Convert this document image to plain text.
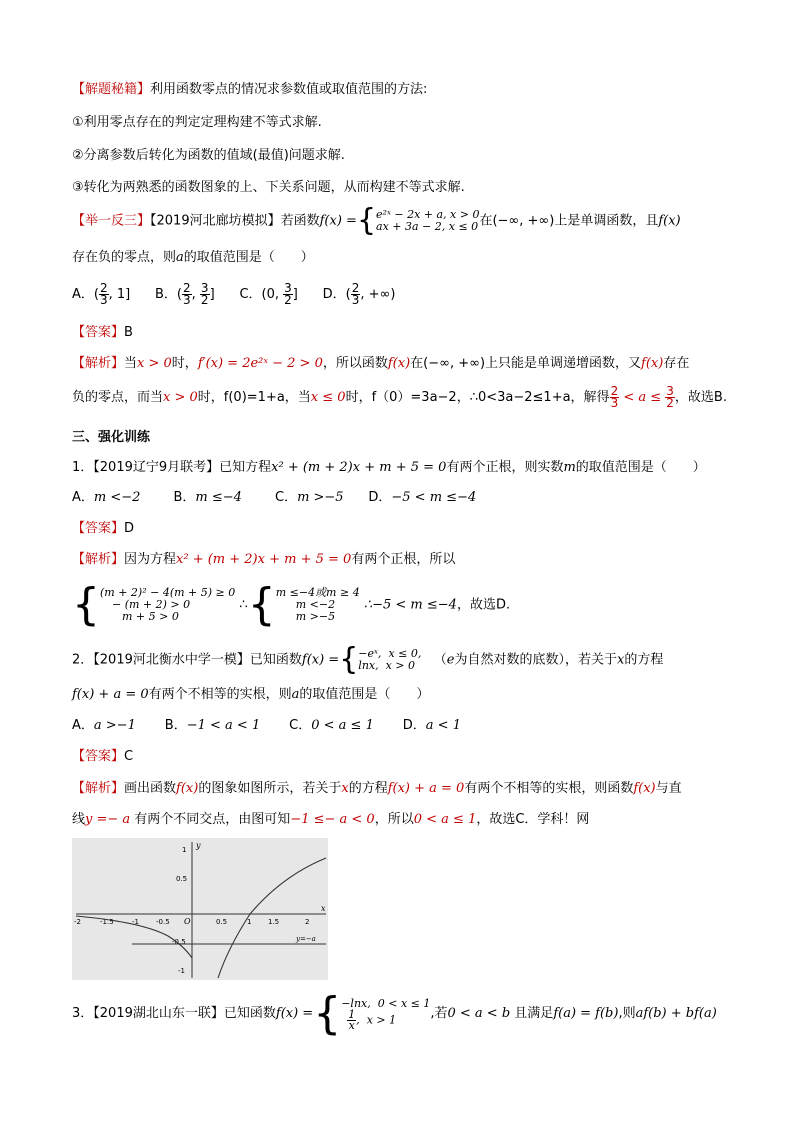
【解题秘籍】利用函数零点的情况求参数值或取值范围的方法:
①利用零点存在的判定定理构建不等式求解.
②分离参数后转化为函数的值域(最值)问题求解.
③转化为两熟悉的函数图象的上、下关系问题，从而构建不等式求解.
【举一反三】【2019河北廊坊模拟】若函数f(x) ={ e²ˣ − 2x + a, x > 0
ax + 3a − 2, x ≤ 0 在(−∞, +∞)上是单调函数，且f(x)
存在负的零点，则a的取值范围是（　　）
A．( $\frac{2}{3}$ , 1] B．( $\frac{2}{3}$ , $\frac{3}{2}$ ] C．(0, $\frac{3}{2}$ ] D．( $\frac{2}{3}$ , +∞)
【答案】B
【解析】当x > 0时，f′(x) = 2e²ˣ − 2 > 0，所以函数f(x)在(−∞, +∞)上只能是单调递增函数，又f(x)存在
负的零点，而当x > 0时，f(0)=1+a，当x ≤ 0时，f（0）=3a−2，∴0<3a−2≤1+a，解得 $\frac{2}{3} < a \le \frac{3}{2}$ ，故选B.
三、强化训练
1．【2019辽宁9月联考】已知方程x² + (m + 2)x + m + 5 = 0有两个正根，则实数m的取值范围是（　　）
A．m <−2	B．m ≤−4	C．m >−5 D．−5 < m ≤−4
【答案】D
【解析】因为方程x² + (m + 2)x + m + 5 = 0有两个正根，所以
{ (m + 2)² − 4(m + 5) ≥ 0
− (m + 2) > 0
m + 5 > 0
∴{ m ≤−4或m ≥ 4
m <−2
m >−5
∴−5 < m ≤−4，故选D.
2．【2019河北衡水中学一模】已知函数f(x) ={ −eˣ, x ≤ 0,
lnx, x > 0	（e为自然对数的底数），若关于x的方程
f(x) + a = 0有两个不相等的实根，则a的取值范围是（　　）
A．a >−1 B．−1 < a < 1 C．0 < a ≤ 1 D．a < 1
【答案】C
【解析】画出函数f(x)的图象如图所示，若关于x的方程f(x) + a = 0有两个不相等的实根，则函数f(x)与直
线y =− a 有两个不同交点，由图可知−1 ≤− a < 0，所以0 < a ≤ 1，故选C．学科！网
x
y
1
0.5
-0.5
-1
-2	-1.5	-1 -0.5 O	0.5	1 1.5	2
y=−a
3．【2019湖北山东一联】已知函数f(x) ={ −lnx, 0 < x ≤ 1
$\frac{1}{x}$ ,  x > 1	,若0 < a < b 且满足f(a) = f(b),则af(b) + bf(a)
